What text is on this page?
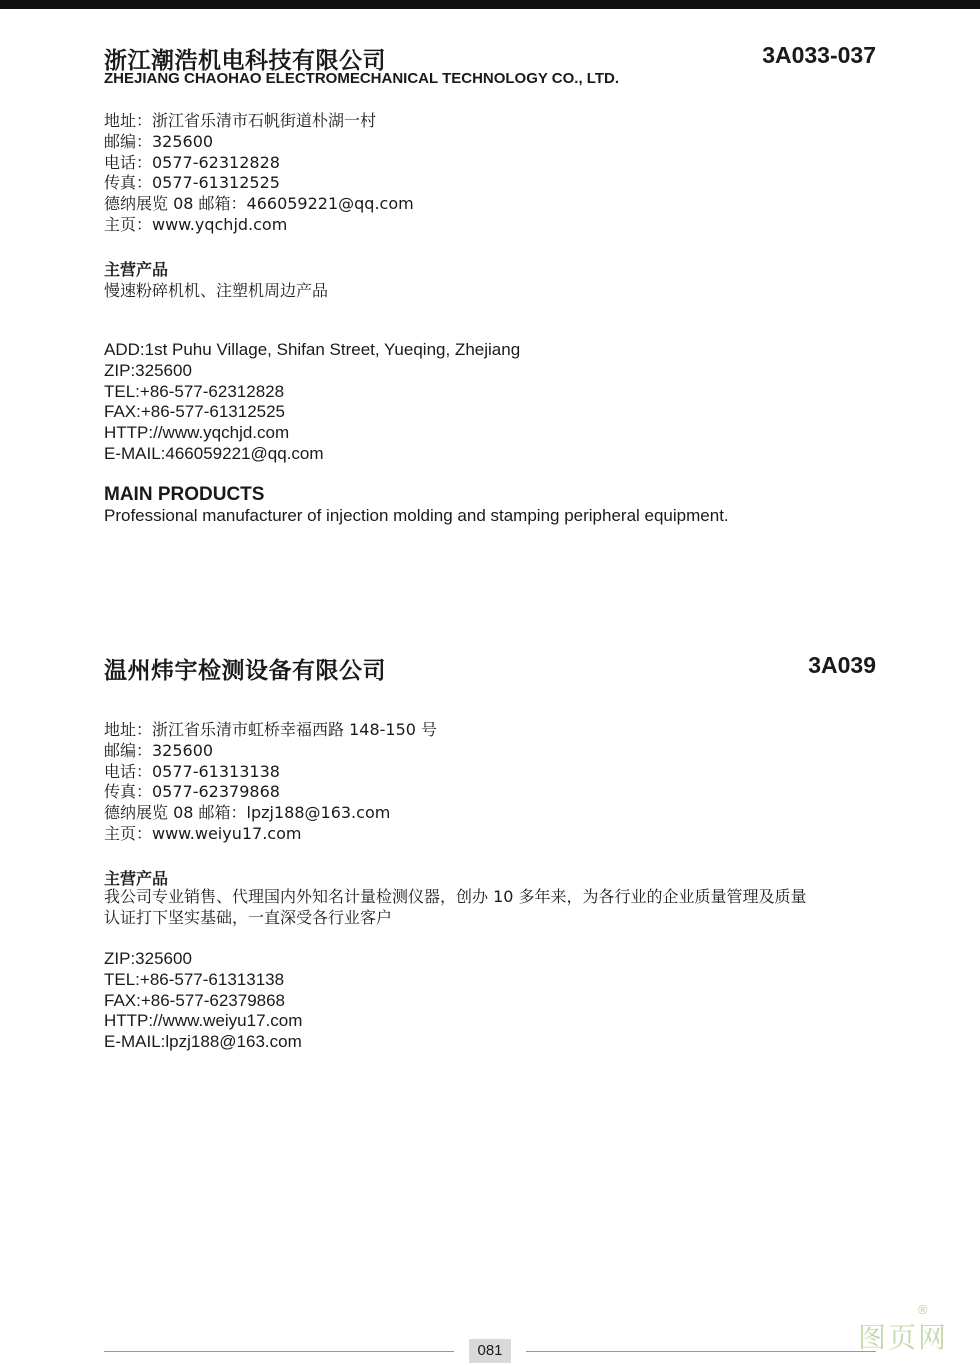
浙江潮浩机电科技有限公司	3A033-037
ZHEJIANG CHAOHAO ELECTROMECHANICAL TECHNOLOGY CO., LTD.
地址：浙江省乐清市石帆街道朴湖一村
邮编：325600
电话：0577-62312828
传真：0577-61312525
德纳展览 08 邮箱：466059221@qq.com
主页：www.yqchjd.com
主营产品
慢速粉碎机机、注塑机周边产品
ADD:1st Puhu Village, Shifan Street, Yueqing, Zhejiang
ZIP:325600
TEL:+86-577-62312828
FAX:+86-577-61312525
HTTP://www.yqchjd.com
E-MAIL:466059221@qq.com
MAIN PRODUCTS
Professional manufacturer of injection molding and stamping peripheral equipment.
温州炜宇检测设备有限公司	3A039
地址：浙江省乐清市虹桥幸福西路 148-150 号
邮编：325600
电话：0577-61313138
传真：0577-62379868
德纳展览 08 邮箱：lpzj188@163.com
主页：www.weiyu17.com
主营产品
我公司专业销售、代理国内外知名计量检测仪器，创办 10 多年来，为各行业的企业质量管理及质量
认证打下坚实基础，一直深受各行业客户
ZIP:325600
TEL:+86-577-61313138
FAX:+86-577-62379868
HTTP://www.weiyu17.com
E-MAIL:lpzj188@163.com
081	图页网
®
